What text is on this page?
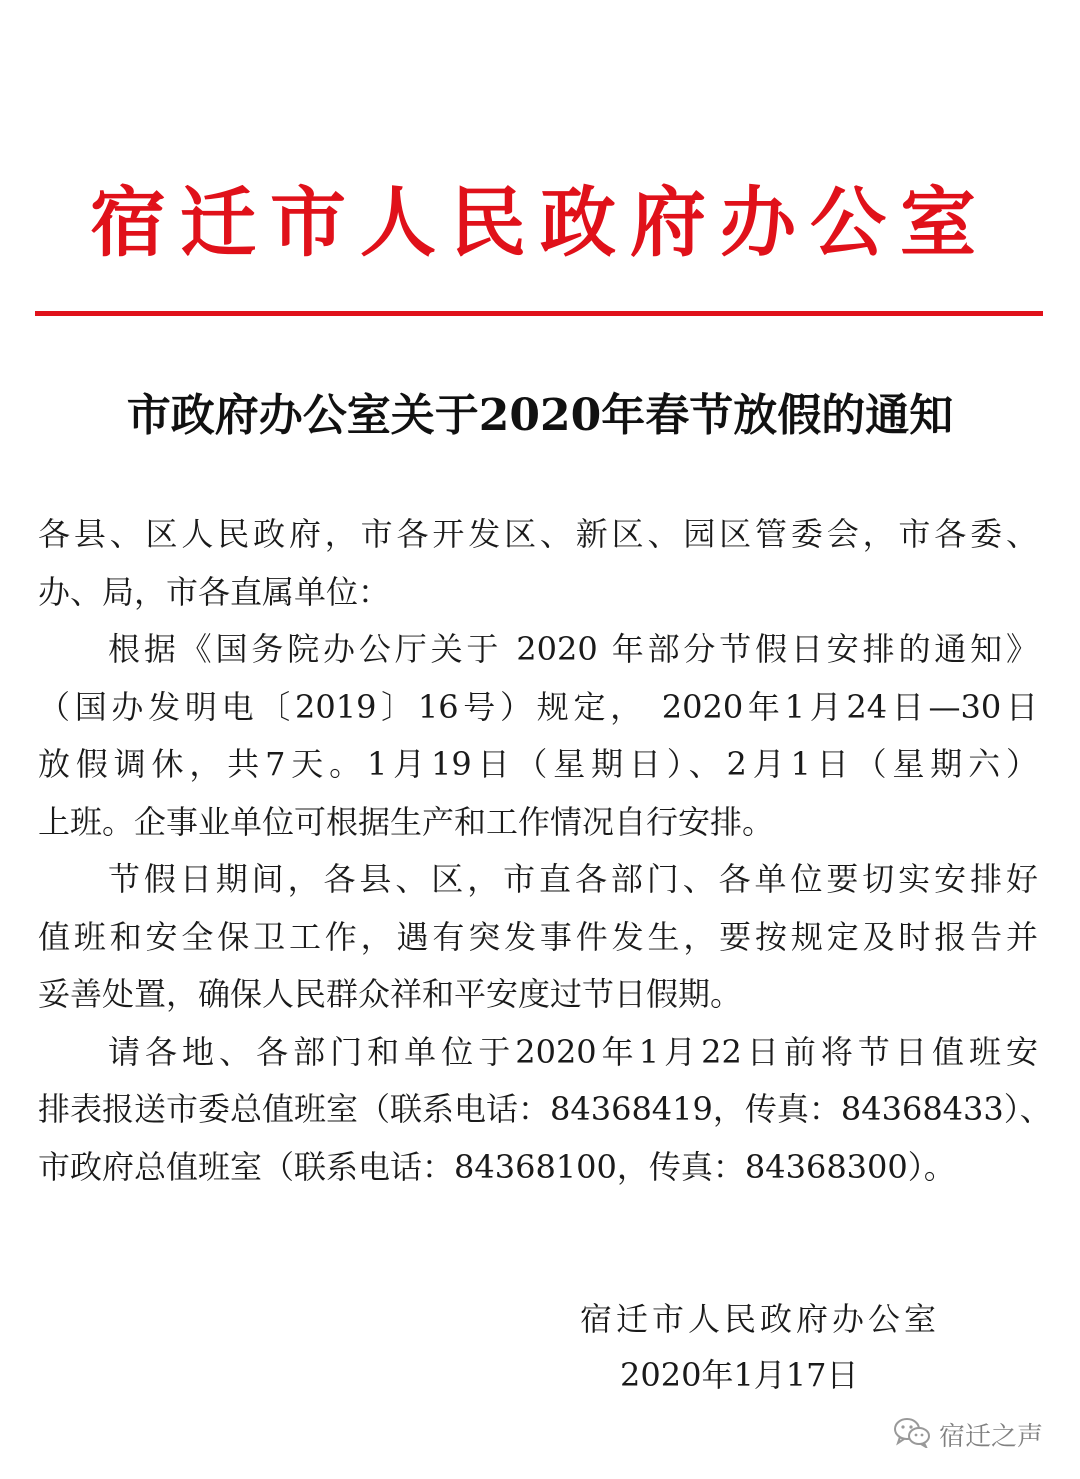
宿迁市人民政府办公室
市政府办公室关于2020年春节放假的通知
各县、区人民政府，市各开发区、新区、园区管委会，市各委、
办、局，市各直属单位：
根据《国务院办公厅关于 2020 年部分节假日安排的通知》
（国办发明电〔2019〕16号）规定， 2020年1月24日—30日
放假调休，共7天。1月19日（星期日）、2月1日（星期六）
上班。企事业单位可根据生产和工作情况自行安排。
节假日期间，各县、区，市直各部门、各单位要切实安排好
值班和安全保卫工作，遇有突发事件发生，要按规定及时报告并
妥善处置，确保人民群众祥和平安度过节日假期。
请各地、各部门和单位于2020年1月22日前将节日值班安
排表报送市委总值班室（联系电话：84368419，传真：84368433）、
市政府总值班室（联系电话：84368100，传真：84368300）。
宿迁市人民政府办公室
2020年1月17日
宿迁之声
